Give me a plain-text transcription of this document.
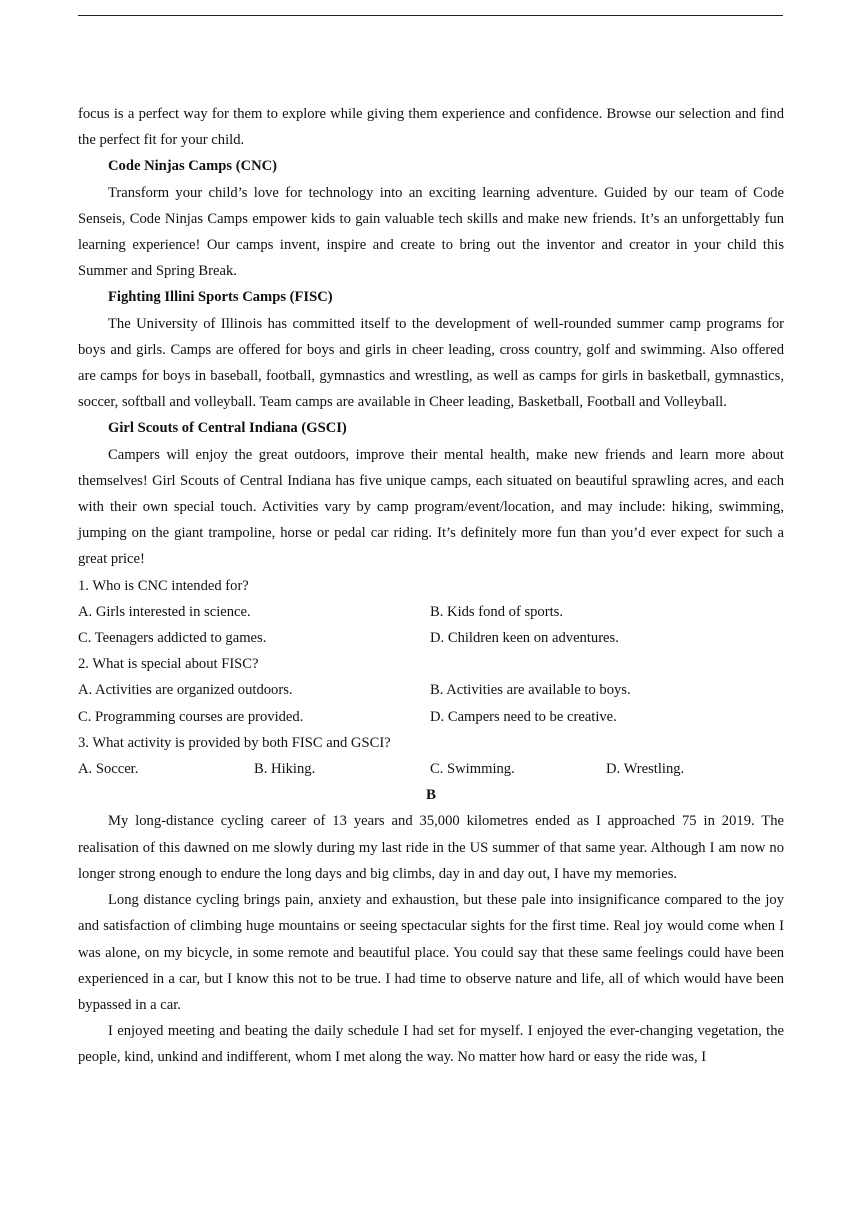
focus is a perfect way for them to explore while giving them experience and confidence. Browse our selection and find the perfect fit for your child.

Code Ninjas Camps (CNC)

Transform your child’s love for technology into an exciting learning adventure. Guided by our team of Code Senseis, Code Ninjas Camps empower kids to gain valuable tech skills and make new friends. It’s an unforgettably fun learning experience! Our camps invent, inspire and create to bring out the inventor and creator in your child this Summer and Spring Break.

Fighting Illini Sports Camps (FISC)

The University of Illinois has committed itself to the development of well-rounded summer camp programs for boys and girls. Camps are offered for boys and girls in cheer leading, cross country, golf and swimming. Also offered are camps for boys in baseball, football, gymnastics and wrestling, as well as camps for girls in basketball, gymnastics, soccer, softball and volleyball. Team camps are available in Cheer leading, Basketball, Football and Volleyball.

Girl Scouts of Central Indiana (GSCI)

Campers will enjoy the great outdoors, improve their mental health, make new friends and learn more about themselves! Girl Scouts of Central Indiana has five unique camps, each situated on beautiful sprawling acres, and each with their own special touch. Activities vary by camp program/event/location, and may include: hiking, swimming, jumping on the giant trampoline, horse or pedal car riding. It’s definitely more fun than you’d ever expect for such a great price!

1. Who is CNC intended for?

A. Girls interested in science.	B. Kids fond of sports.
C. Teenagers addicted to games.	D. Children keen on adventures.

2. What is special about FISC?

A. Activities are organized outdoors.	B. Activities are available to boys.
C. Programming courses are provided.	D. Campers need to be creative.

3. What activity is provided by both FISC and GSCI?

A. Soccer.	B. Hiking.	C. Swimming.	D. Wrestling.

B

My long-distance cycling career of 13 years and 35,000 kilometres ended as I approached 75 in 2019. The realisation of this dawned on me slowly during my last ride in the US summer of that same year. Although I am now no longer strong enough to endure the long days and big climbs, day in and day out, I have my memories.

Long distance cycling brings pain, anxiety and exhaustion, but these pale into insignificance compared to the joy and satisfaction of climbing huge mountains or seeing spectacular sights for the first time. Real joy would come when I was alone, on my bicycle, in some remote and beautiful place. You could say that these same feelings could have been experienced in a car, but I know this not to be true. I had time to observe nature and life, all of which would have been bypassed in a car.

I enjoyed meeting and beating the daily schedule I had set for myself. I enjoyed the ever-changing vegetation, the people, kind, unkind and indifferent, whom I met along the way. No matter how hard or easy the ride was, I
